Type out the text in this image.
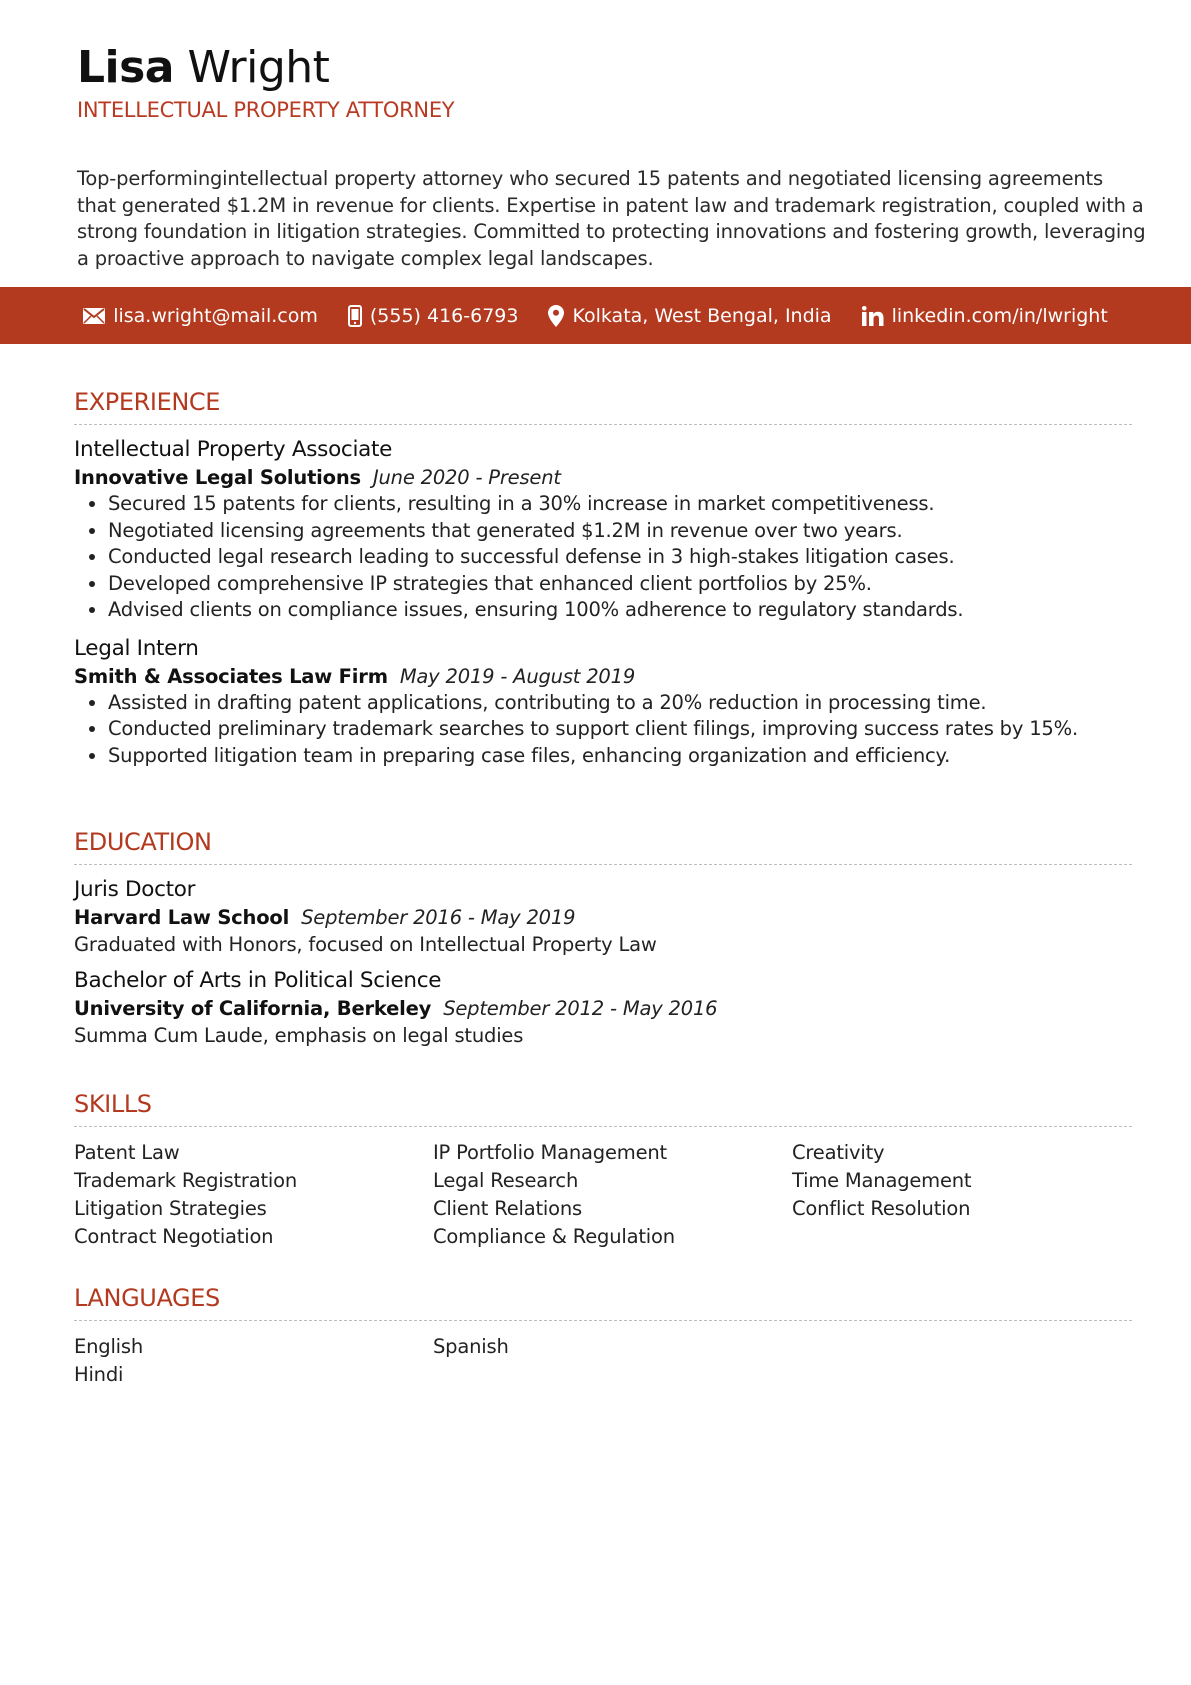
Lisa Wright
INTELLECTUAL PROPERTY ATTORNEY
Top-performingintellectual property attorney who secured 15 patents and negotiated licensing agreements that generated $1.2M in revenue for clients. Expertise in patent law and trademark registration, coupled with a strong foundation in litigation strategies. Committed to protecting innovations and fostering growth, leveraging a proactive approach to navigate complex legal landscapes.
lisa.wright@mail.com	(555) 416-6793	Kolkata, West Bengal, India	linkedin.com/in/lwright
EXPERIENCE
Intellectual Property Associate
Innovative Legal Solutions June 2020 - Present
• Secured 15 patents for clients, resulting in a 30% increase in market competitiveness.
• Negotiated licensing agreements that generated $1.2M in revenue over two years.
• Conducted legal research leading to successful defense in 3 high-stakes litigation cases.
• Developed comprehensive IP strategies that enhanced client portfolios by 25%.
• Advised clients on compliance issues, ensuring 100% adherence to regulatory standards.
Legal Intern
Smith & Associates Law Firm May 2019 - August 2019
• Assisted in drafting patent applications, contributing to a 20% reduction in processing time.
• Conducted preliminary trademark searches to support client filings, improving success rates by 15%.
• Supported litigation team in preparing case files, enhancing organization and efficiency.
EDUCATION
Juris Doctor
Harvard Law School September 2016 - May 2019
Graduated with Honors, focused on Intellectual Property Law
Bachelor of Arts in Political Science
University of California, Berkeley September 2012 - May 2016
Summa Cum Laude, emphasis on legal studies
SKILLS
Patent Law
Trademark Registration
Litigation Strategies
Contract Negotiation
IP Portfolio Management
Legal Research
Client Relations
Compliance & Regulation
Creativity
Time Management
Conflict Resolution
LANGUAGES
English
Hindi
Spanish
